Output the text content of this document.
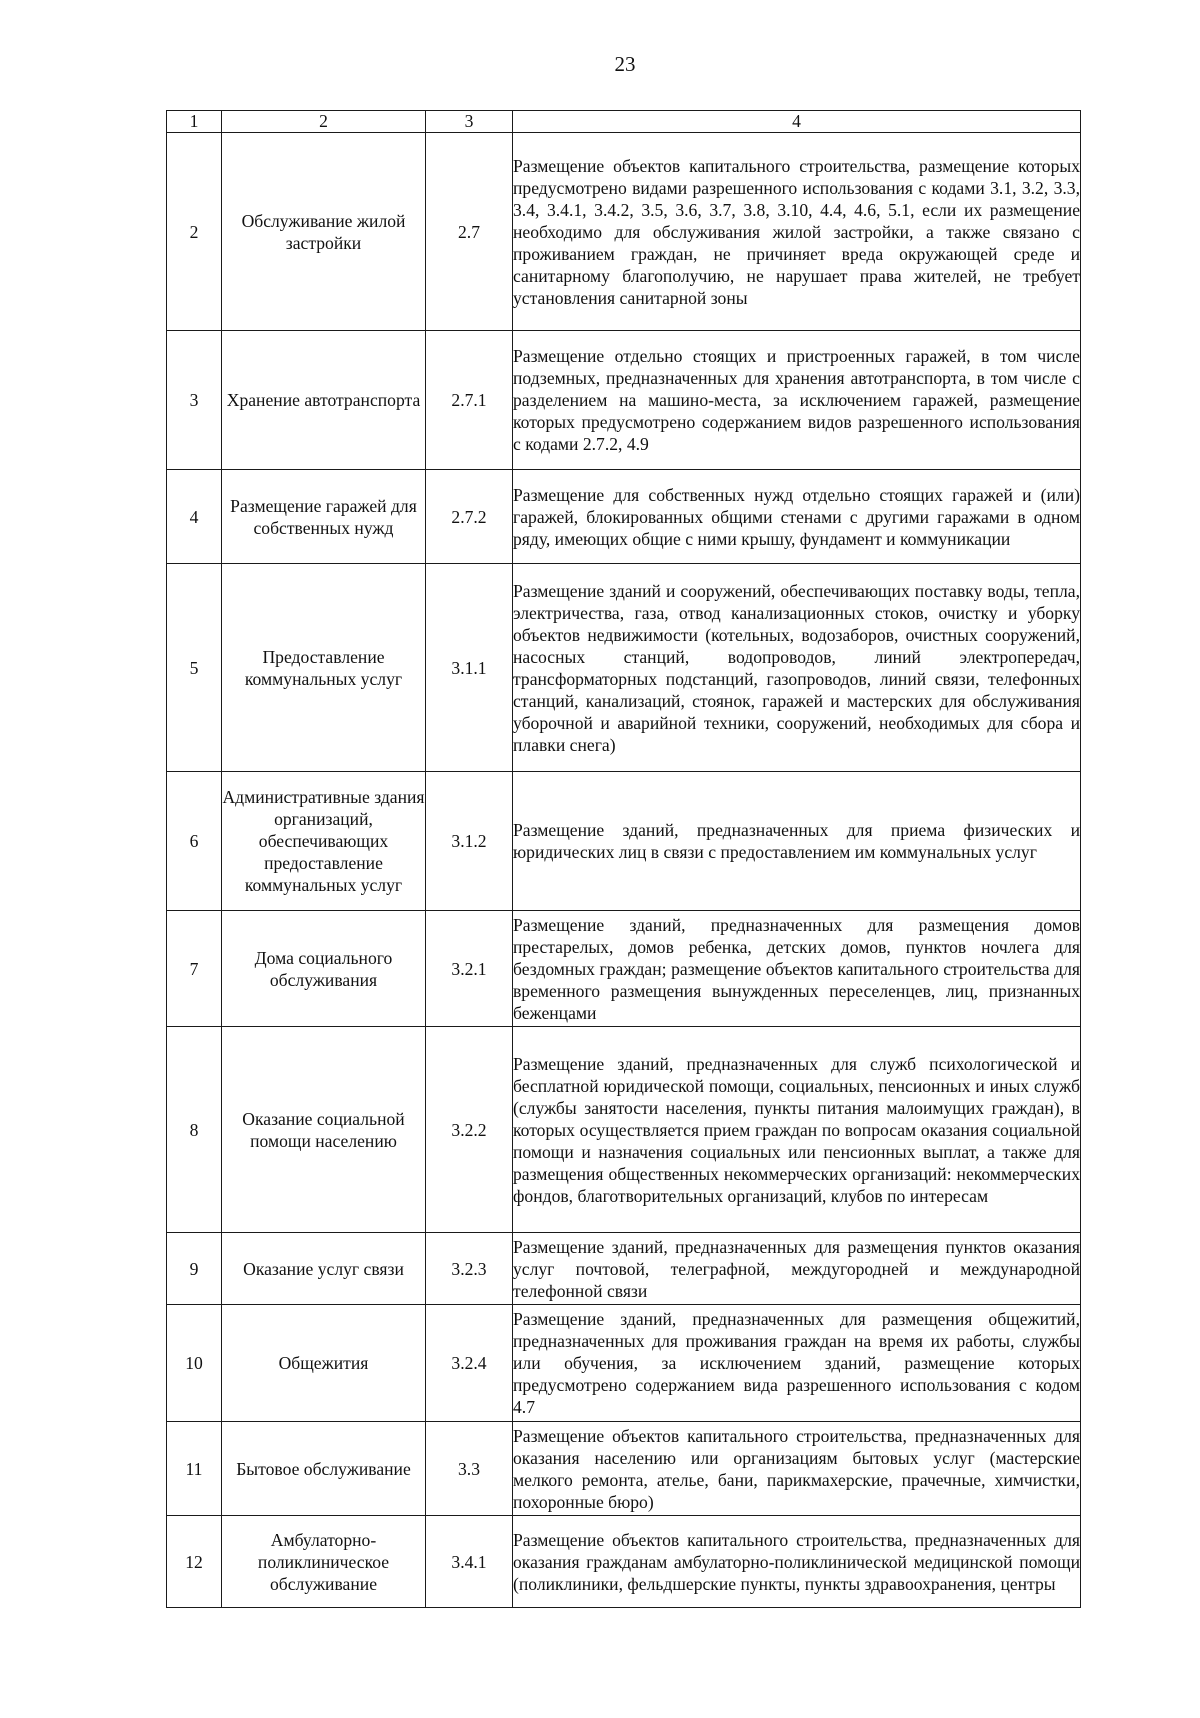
23
1	2	3	4
2	Обслуживание жилой застройки	2.7	Размещение объектов капитального строительства, размещение которых предусмотрено видами разрешенного использования с кодами 3.1, 3.2, 3.3, 3.4, 3.4.1, 3.4.2, 3.5, 3.6, 3.7, 3.8, 3.10, 4.4, 4.6, 5.1, если их размещение необходимо для обслуживания жилой застройки, а также связано с проживанием граждан, не причиняет вреда окружающей среде и санитарному благополучию, не нарушает права жителей, не требует установления санитарной зоны
3	Хранение автотранспорта	2.7.1	Размещение отдельно стоящих и пристроенных гаражей, в том числе подземных, предназначенных для хранения автотранспорта, в том числе с разделением на машино-места, за исключением гаражей, размещение которых предусмотрено содержанием видов разрешенного использования с кодами 2.7.2, 4.9
4	Размещение гаражей для собственных нужд	2.7.2	Размещение для собственных нужд отдельно стоящих гаражей и (или) гаражей, блокированных общими стенами с другими гаражами в одном ряду, имеющих общие с ними крышу, фундамент и коммуникации
5	Предоставление коммунальных услуг	3.1.1	Размещение зданий и сооружений, обеспечивающих поставку воды, тепла, электричества, газа, отвод канализационных стоков, очистку и уборку объектов недвижимости (котельных, водозаборов, очистных сооружений, насосных станций, водопроводов, линий электропередач, трансформаторных подстанций, газопроводов, линий связи, телефонных станций, канализаций, стоянок, гаражей и мастерских для обслуживания уборочной и аварийной техники, сооружений, необходимых для сбора и плавки снега)
6	Административные здания организаций, обеспечивающих предоставление коммунальных услуг	3.1.2	Размещение зданий, предназначенных для приема физических и юридических лиц в связи с предоставлением им коммунальных услуг
7	Дома социального обслуживания	3.2.1	Размещение зданий, предназначенных для размещения домов престарелых, домов ребенка, детских домов, пунктов ночлега для бездомных граждан; размещение объектов капитального строительства для временного размещения вынужденных переселенцев, лиц, признанных беженцами
8	Оказание социальной помощи населению	3.2.2	Размещение зданий, предназначенных для служб психологической и бесплатной юридической помощи, социальных, пенсионных и иных служб (службы занятости населения, пункты питания малоимущих граждан), в которых осуществляется прием граждан по вопросам оказания социальной помощи и назначения социальных или пенсионных выплат, а также для размещения общественных некоммерческих организаций: некоммерческих фондов, благотворительных организаций, клубов по интересам
9	Оказание услуг связи	3.2.3	Размещение зданий, предназначенных для размещения пунктов оказания услуг почтовой, телеграфной, междугородней и международной телефонной связи
10	Общежития	3.2.4	Размещение зданий, предназначенных для размещения общежитий, предназначенных для проживания граждан на время их работы, службы или обучения, за исключением зданий, размещение которых предусмотрено содержанием вида разрешенного использования с кодом 4.7
11	Бытовое обслуживание	3.3	Размещение объектов капитального строительства, предназначенных для оказания населению или организациям бытовых услуг (мастерские мелкого ремонта, ателье, бани, парикмахерские, прачечные, химчистки, похоронные бюро)
12	Амбулаторно-поликлиническое обслуживание	3.4.1	Размещение объектов капитального строительства, предназначенных для оказания гражданам амбулаторно-поликлинической медицинской помощи (поликлиники, фельдшерские пункты, пункты здравоохранения, центры
